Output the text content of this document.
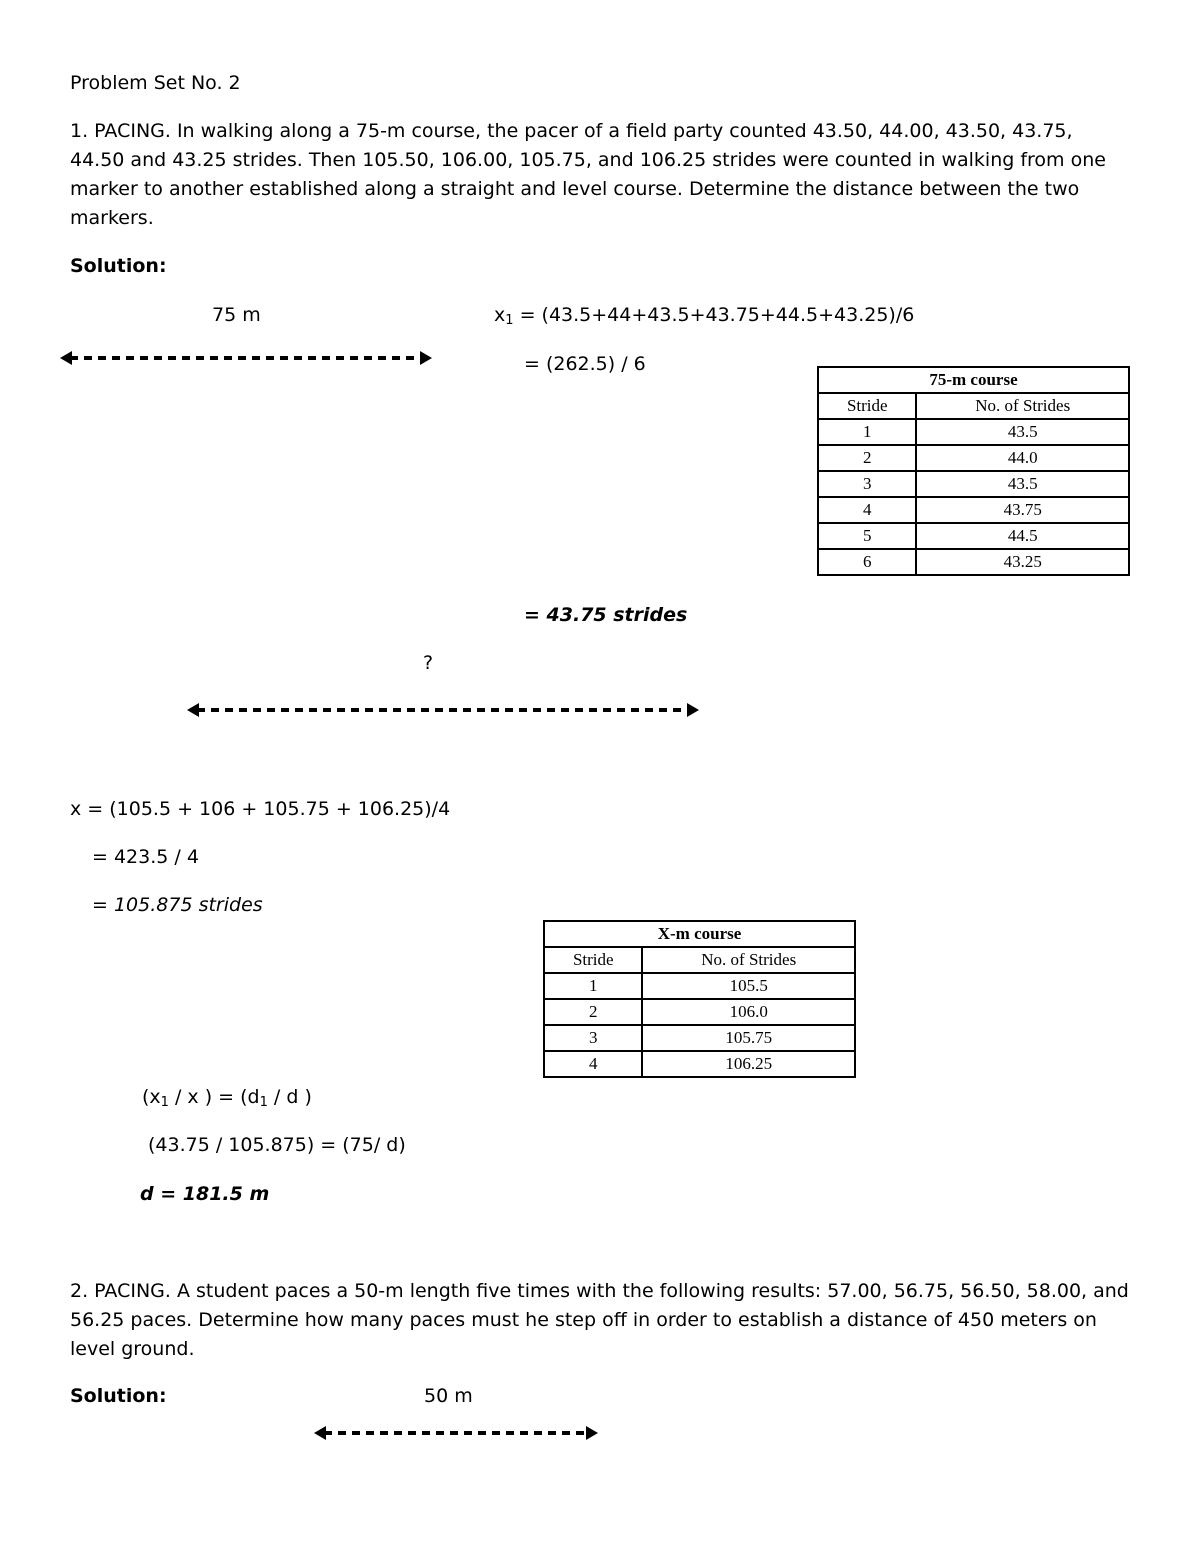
Problem Set No. 2
1. PACING. In walking along a 75-m course, the pacer of a field party counted 43.50, 44.00, 43.50, 43.75, 44.50 and 43.25 strides. Then 105.50, 106.00, 105.75, and 106.25 strides were counted in walking from one marker to another established along a straight and level course. Determine the distance between the two markers.
Solution:
75 m	$x_1 = (43.5+44+43.5+43.75+44.5+43.25)/6$
= (262.5) / 6
75-m course	
Stride	No. of Strides
1	43.5
2	44.0
3	43.5
4	43.75
5	44.5
6	43.25
= 43.75 strides
?
x = (105.5 + 106 + 105.75 + 106.25)/4
= 423.5 / 4
= 105.875 strides
X-m course	
Stride	No. of Strides
1	105.5
2	106.0
3	105.75
4	106.25
($x_1$ / x ) = ($d_1$ / d )
(43.75 / 105.875) = (75/ d)
d = 181.5 m
2. PACING. A student paces a 50-m length five times with the following results: 57.00, 56.75, 56.50, 58.00, and 56.25 paces. Determine how many paces must he step off in order to establish a distance of 450 meters on level ground.
Solution:	50 m
